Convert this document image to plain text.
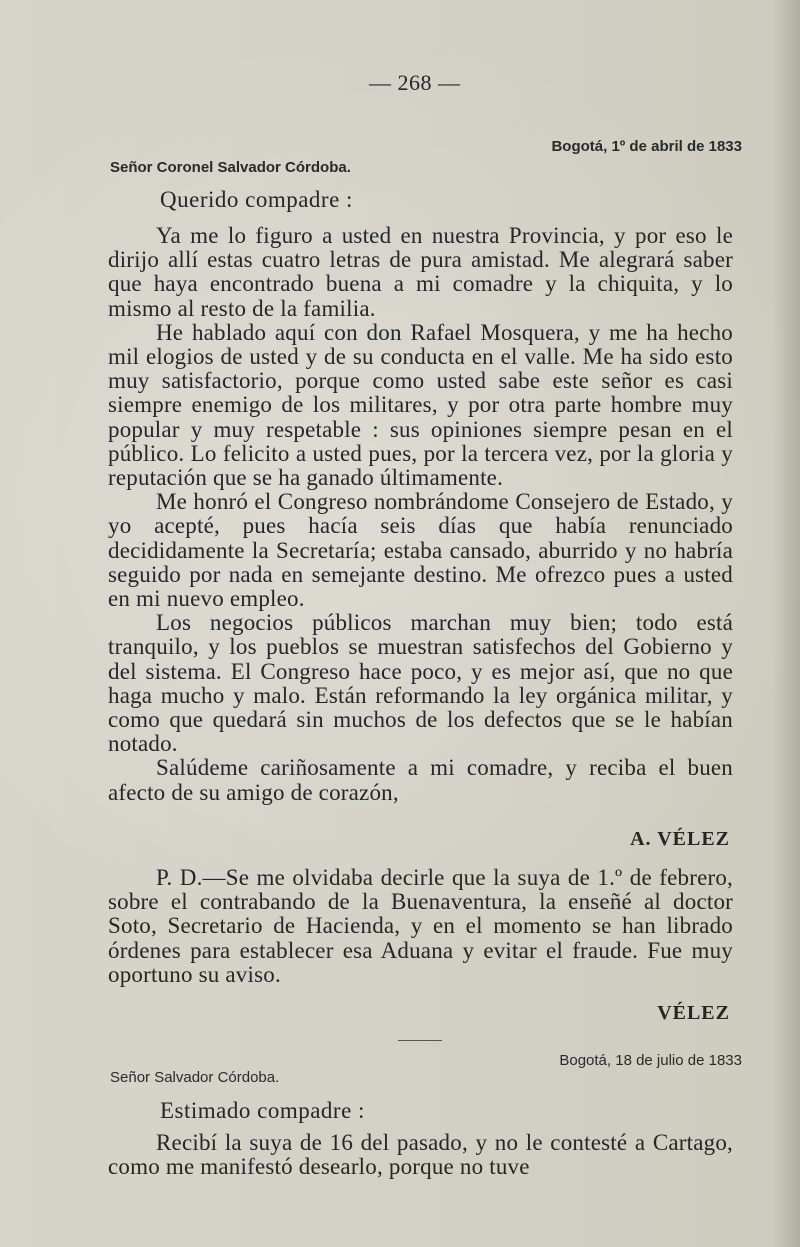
— 268 —
Bogotá, 1º de abril de 1833
Señor Coronel Salvador Córdoba.
Querido compadre :

Ya me lo figuro a usted en nuestra Provincia, y por eso le dirijo allí estas cuatro letras de pura amistad. Me alegrará saber que haya encontrado buena a mi comadre y la chiquita, y lo mismo al resto de la familia.

He hablado aquí con don Rafael Mosquera, y me ha hecho mil elogios de usted y de su conducta en el valle. Me ha sido esto muy satisfactorio, porque como usted sabe este señor es casi siempre enemigo de los militares, y por otra parte hombre muy popular y muy respetable : sus opiniones siempre pesan en el público. Lo felicito a usted pues, por la tercera vez, por la gloria y reputación que se ha ganado últimamente.

Me honró el Congreso nombrándome Consejero de Estado, y yo acepté, pues hacía seis días que había renunciado decididamente la Secretaría; estaba cansado, aburrido y no habría seguido por nada en semejante destino. Me ofrezco pues a usted en mi nuevo empleo.

Los negocios públicos marchan muy bien; todo está tranquilo, y los pueblos se muestran satisfechos del Gobierno y del sistema. El Congreso hace poco, y es mejor así, que no que haga mucho y malo. Están reformando la ley orgánica militar, y como que quedará sin muchos de los defectos que se le habían notado.

Salúdeme cariñosamente a mi comadre, y reciba el buen afecto de su amigo de corazón,

A. VÉLEZ

P. D.—Se me olvidaba decirle que la suya de 1.º de febrero, sobre el contrabando de la Buenaventura, la enseñé al doctor Soto, Secretario de Hacienda, y en el momento se han librado órdenes para establecer esa Aduana y evitar el fraude. Fue muy oportuno su aviso.

VÉLEZ
Bogotá, 18 de julio de 1833
Señor Salvador Córdoba.
Estimado compadre :

Recibí la suya de 16 del pasado, y no le contesté a Cartago, como me manifestó desearlo, porque no tuve
